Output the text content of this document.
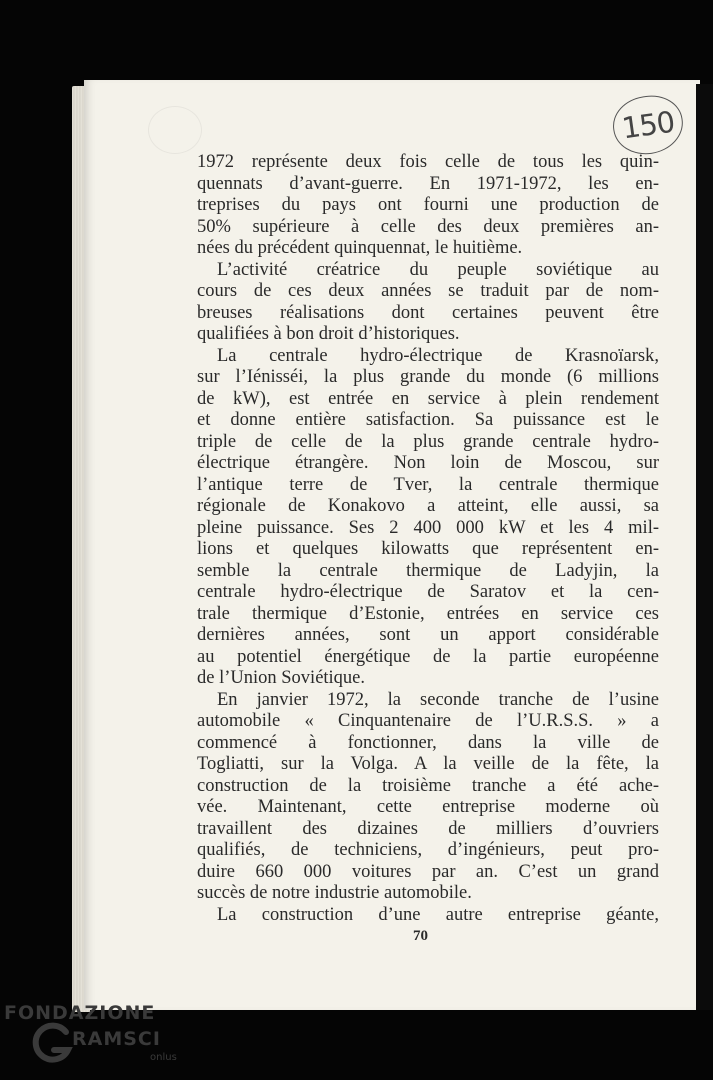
150
1972 représente deux fois celle de tous les quin-
quennats d’avant-guerre. En 1971-1972, les en-
treprises du pays ont fourni une production de
50% supérieure à celle des deux premières an-
nées du précédent quinquennat, le huitième.
L’activité créatrice du peuple soviétique au
cours de ces deux années se traduit par de nom-
breuses réalisations dont certaines peuvent être
qualifiées à bon droit d’historiques.
La centrale hydro-électrique de Krasnoïarsk,
sur l’Iénisséi, la plus grande du monde (6 millions
de kW), est entrée en service à plein rendement
et donne entière satisfaction. Sa puissance est le
triple de celle de la plus grande centrale hydro-
électrique étrangère. Non loin de Moscou, sur
l’antique terre de Tver, la centrale thermique
régionale de Konakovo a atteint, elle aussi, sa
pleine puissance. Ses 2 400 000 kW et les 4 mil-
lions et quelques kilowatts que représentent en-
semble la centrale thermique de Ladyjin, la
centrale hydro-électrique de Saratov et la cen-
trale thermique d’Estonie, entrées en service ces
dernières années, sont un apport considérable
au potentiel énergétique de la partie européenne
de l’Union Soviétique.
En janvier 1972, la seconde tranche de l’usine
automobile « Cinquantenaire de l’U.R.S.S. » a
commencé à fonctionner, dans la ville de
Togliatti, sur la Volga. A la veille de la fête, la
construction de la troisième tranche a été ache-
vée. Maintenant, cette entreprise moderne où
travaillent des dizaines de milliers d’ouvriers
qualifiés, de techniciens, d’ingénieurs, peut pro-
duire 660 000 voitures par an. C’est un grand
succès de notre industrie automobile.
La construction d’une autre entreprise géante,
70
FONDAZIONE
RAMSCI
onlus
